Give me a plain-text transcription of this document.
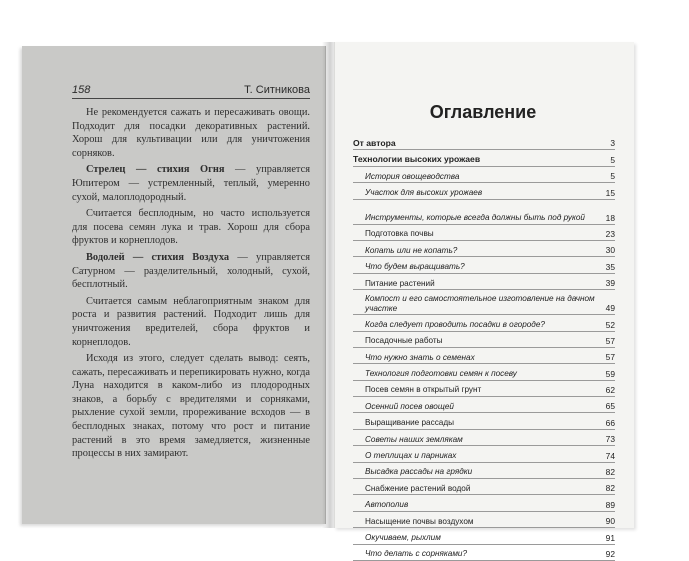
158	Т. Ситникова

Не рекомендуется сажать и пересаживать овощи. Подходит для посадки декоративных растений. Хорош для культивации или для уничтожения сорняков.

Стрелец — стихия Огня — управляется Юпитером — устремленный, теплый, умеренно сухой, малоплодородный.

Считается бесплодным, но часто используется для посева семян лука и трав. Хорош для сбора фруктов и корнеплодов.

Водолей — стихия Воздуха — управляется Сатурном — разделительный, холодный, сухой, бесплотный.

Считается самым неблагоприятным знаком для роста и развития растений. Подходит лишь для уничтожения вредителей, сбора фруктов и корнеплодов.

Исходя из этого, следует сделать вывод: сеять, сажать, пересаживать и перепикировать нужно, когда Луна находится в каком-либо из плодородных знаков, а борьбу с вредителями и сорняками, рыхление сухой земли, прореживание всходов — в бесплодных знаках, потому что рост и питание растений в это время замедляется, жизненные процессы в них замирают.

Оглавление
От автора	3
Технологии высоких урожаев	5
История овощеводства	5
Участок для высоких урожаев	15
Инструменты, которые всегда должны быть под рукой	18
Подготовка почвы	23
Копать или не копать?	30
Что будем выращивать?	35
Питание растений	39
Компост и его самостоятельное изготовление на дачном участке	49
Когда следует проводить посадки в огороде?	52
Посадочные работы	57
Что нужно знать о семенах	57
Технология подготовки семян к посеву	59
Посев семян в открытый грунт	62
Осенний посев овощей	65
Выращивание рассады	66
Советы наших землякам	73
О теплицах и парниках	74
Высадка рассады на грядки	82
Снабжение растений водой	82
Автополив	89
Насыщение почвы воздухом	90
Окучиваем, рыхлим	91
Что делать с сорняками?	92
